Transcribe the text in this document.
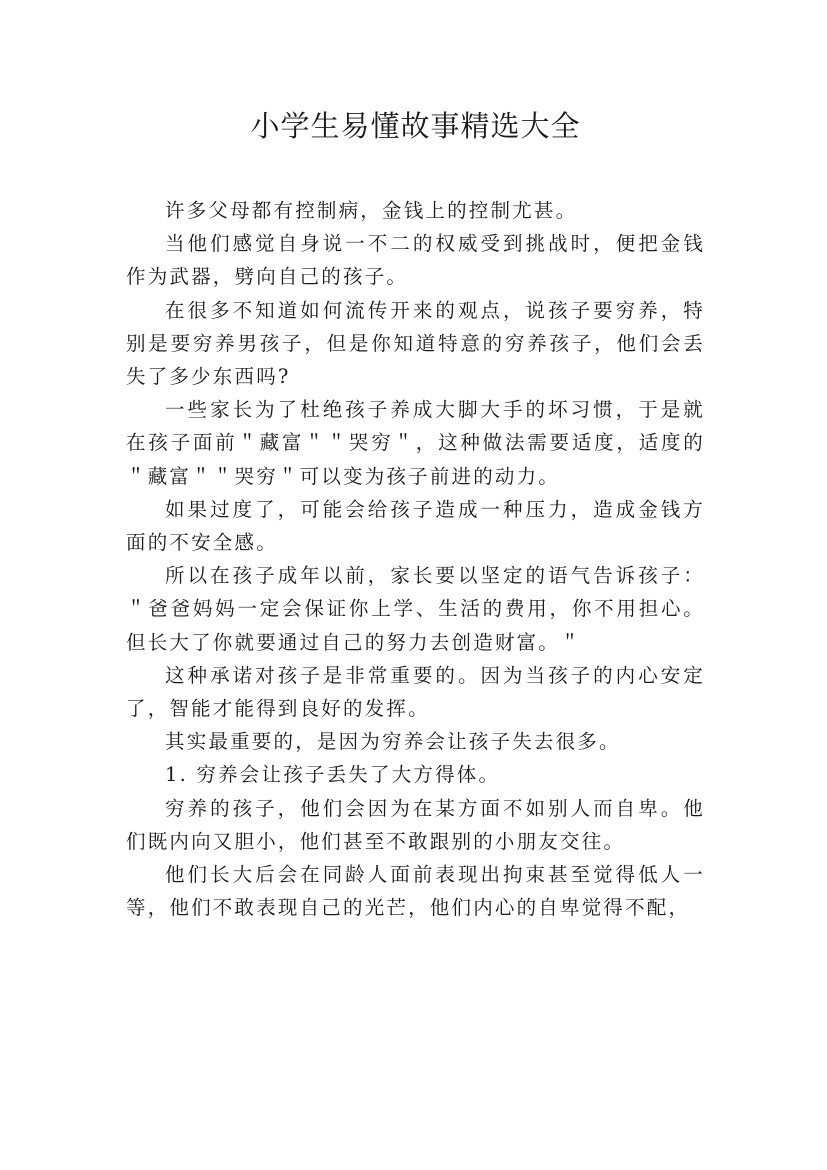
小学生易懂故事精选大全

许多父母都有控制病，金钱上的控制尤甚。

当他们感觉自身说一不二的权威受到挑战时，便把金钱作为武器，劈向自己的孩子。

在很多不知道如何流传开来的观点，说孩子要穷养，特别是要穷养男孩子，但是你知道特意的穷养孩子，他们会丢失了多少东西吗?

一些家长为了杜绝孩子养成大脚大手的坏习惯，于是就在孩子面前＂藏富＂＂哭穷＂，这种做法需要适度，适度的＂藏富＂＂哭穷＂可以变为孩子前进的动力。

如果过度了，可能会给孩子造成一种压力，造成金钱方面的不安全感。

所以在孩子成年以前，家长要以坚定的语气告诉孩子：＂爸爸妈妈一定会保证你上学、生活的费用，你不用担心。但长大了你就要通过自己的努力去创造财富。＂

这种承诺对孩子是非常重要的。因为当孩子的内心安定了，智能才能得到良好的发挥。

其实最重要的，是因为穷养会让孩子失去很多。

1. 穷养会让孩子丢失了大方得体。

穷养的孩子，他们会因为在某方面不如别人而自卑。他们既内向又胆小，他们甚至不敢跟别的小朋友交往。

他们长大后会在同龄人面前表现出拘束甚至觉得低人一等，他们不敢表现自己的光芒，他们内心的自卑觉得不配，
